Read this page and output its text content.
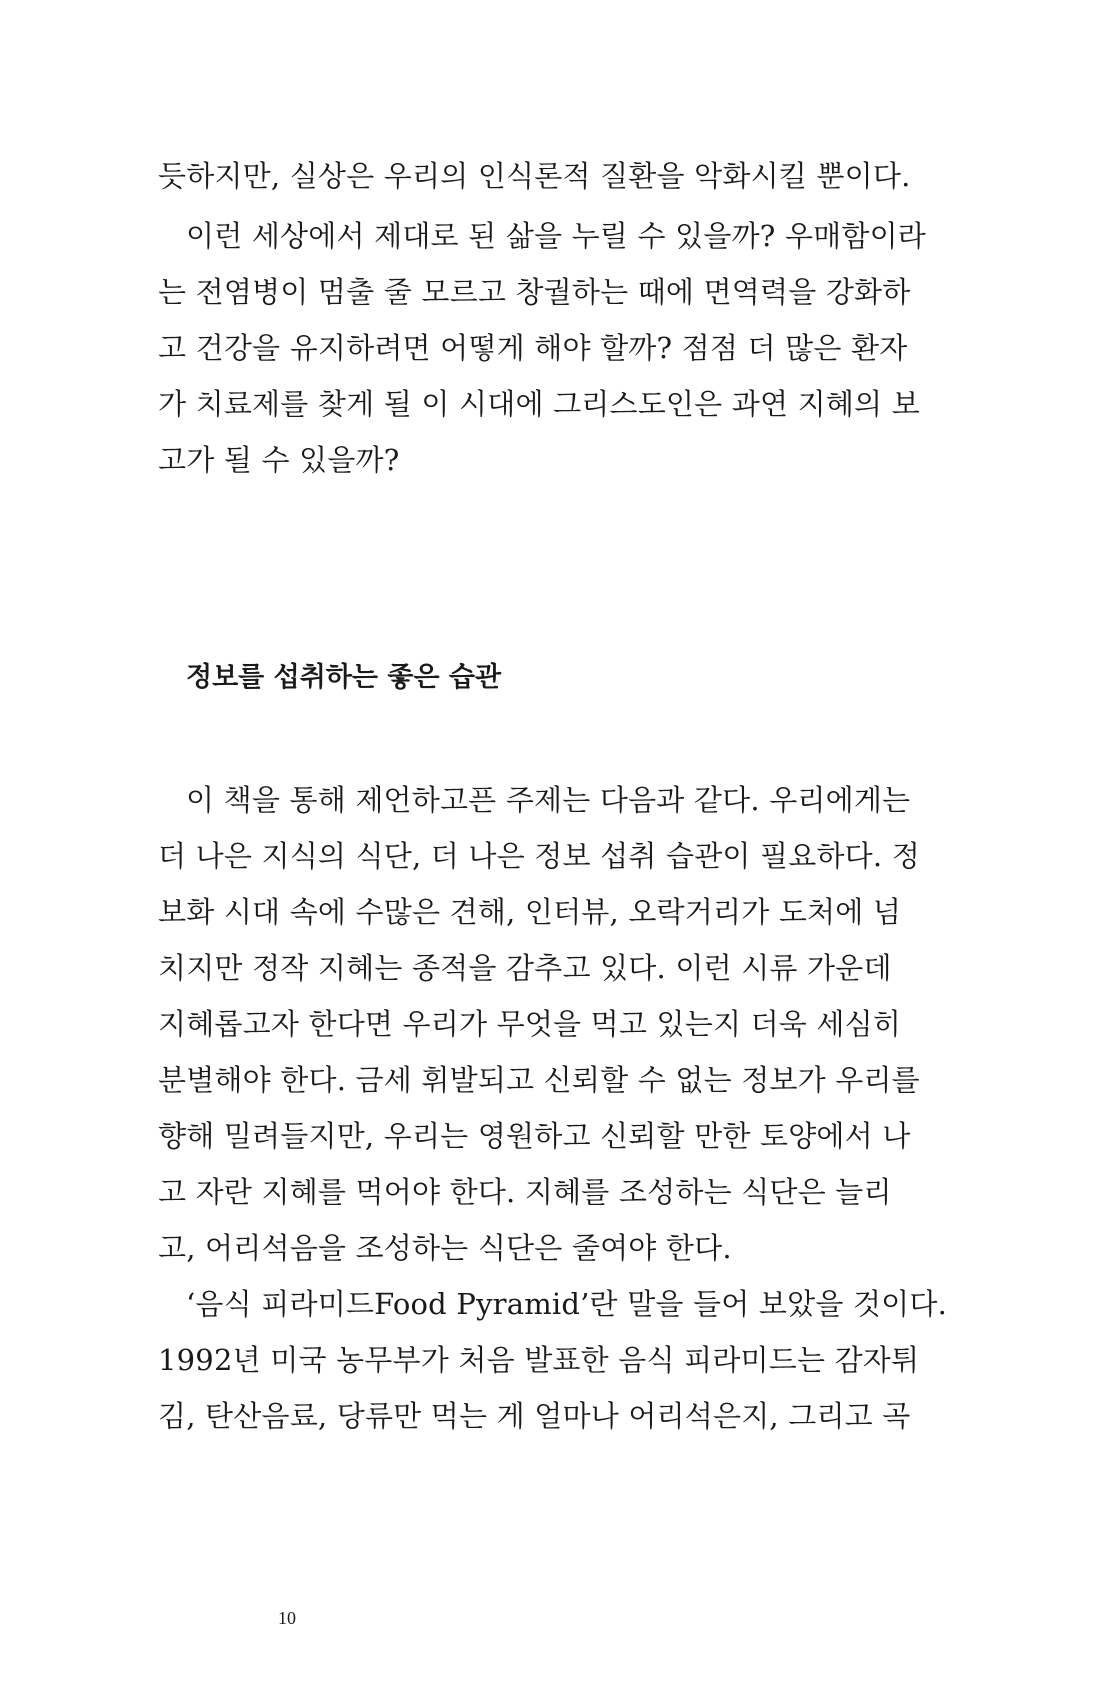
듯하지만, 실상은 우리의 인식론적 질환을 악화시킬 뿐이다.
이런 세상에서 제대로 된 삶을 누릴 수 있을까? 우매함이라
는 전염병이 멈출 줄 모르고 창궐하는 때에 면역력을 강화하
고 건강을 유지하려면 어떻게 해야 할까? 점점 더 많은 환자
가 치료제를 찾게 될 이 시대에 그리스도인은 과연 지혜의 보
고가 될 수 있을까?
정보를 섭취하는 좋은 습관
이 책을 통해 제언하고픈 주제는 다음과 같다. 우리에게는
더 나은 지식의 식단, 더 나은 정보 섭취 습관이 필요하다. 정
보화 시대 속에 수많은 견해, 인터뷰, 오락거리가 도처에 넘
치지만 정작 지혜는 종적을 감추고 있다. 이런 시류 가운데
지혜롭고자 한다면 우리가 무엇을 먹고 있는지 더욱 세심히
분별해야 한다. 금세 휘발되고 신뢰할 수 없는 정보가 우리를
향해 밀려들지만, 우리는 영원하고 신뢰할 만한 토양에서 나
고 자란 지혜를 먹어야 한다. 지혜를 조성하는 식단은 늘리
고, 어리석음을 조성하는 식단은 줄여야 한다.
‘음식 피라미드Food Pyramid’란 말을 들어 보았을 것이다.
1992년 미국 농무부가 처음 발표한 음식 피라미드는 감자튀
김, 탄산음료, 당류만 먹는 게 얼마나 어리석은지, 그리고 곡
10
